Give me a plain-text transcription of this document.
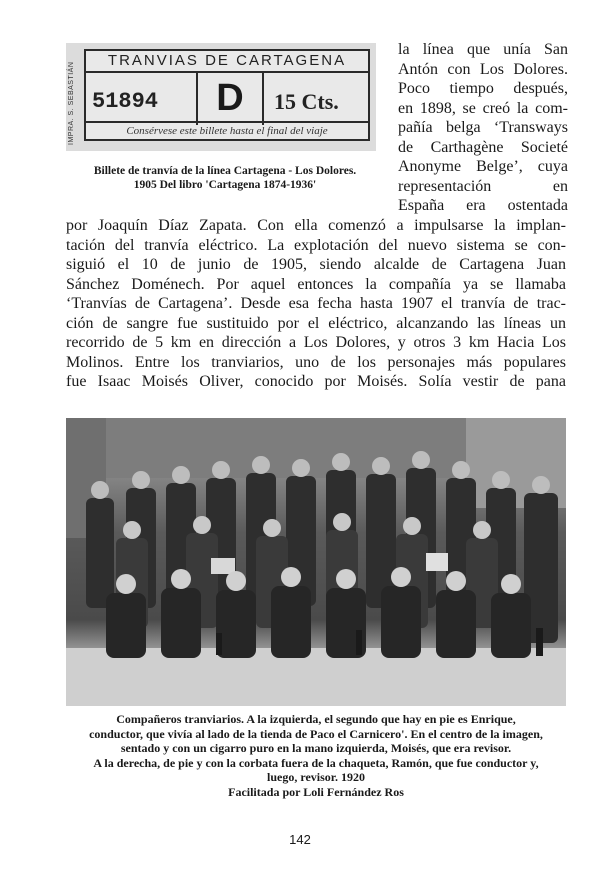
IMPRA. S. SEBASTIÁN
TRANVIAS DE CARTAGENA
51894	D	15 Cts.
Consérvese este billete hasta el final del viaje
Billete de tranvía de la línea Cartagena - Los Dolores.
1905 Del libro 'Cartagena 1874-1936'
la línea que unía San
Antón con Los Dolores.
Poco tiempo después,
en 1898, se creó la com-
pañía belga ‘Transways
de Carthagène Societé
Anonyme Belge’, cuya
representación en
España era ostentada
por Joaquín Díaz Zapata. Con ella comenzó a impulsarse la implan-
tación del tranvía eléctrico. La explotación del nuevo sistema se con-
siguió el 10 de junio de 1905, siendo alcalde de Cartagena Juan
Sánchez Doménech. Por aquel entonces la compañía ya se llamaba
‘Tranvías de Cartagena’. Desde esa fecha hasta 1907 el tranvía de trac-
ción de sangre fue sustituido por el eléctrico, alcanzando las líneas un
recorrido de 5 km en dirección a Los Dolores, y otros 3 km Hacia Los
Molinos. Entre los tranviarios, uno de los personajes más populares
fue Isaac Moisés Oliver, conocido por Moisés. Solía vestir de pana
Compañeros tranviarios. A la izquierda, el segundo que hay en pie es Enrique,
conductor, que vivía al lado de la tienda de Paco el Carnicero'. En el centro de la imagen,
sentado y con un cigarro puro en la mano izquierda, Moisés, que era revisor.
A la derecha, de pie y con la corbata fuera de la chaqueta, Ramón, que fue conductor y,
luego, revisor. 1920
Facilitada por Loli Fernández Ros
142
